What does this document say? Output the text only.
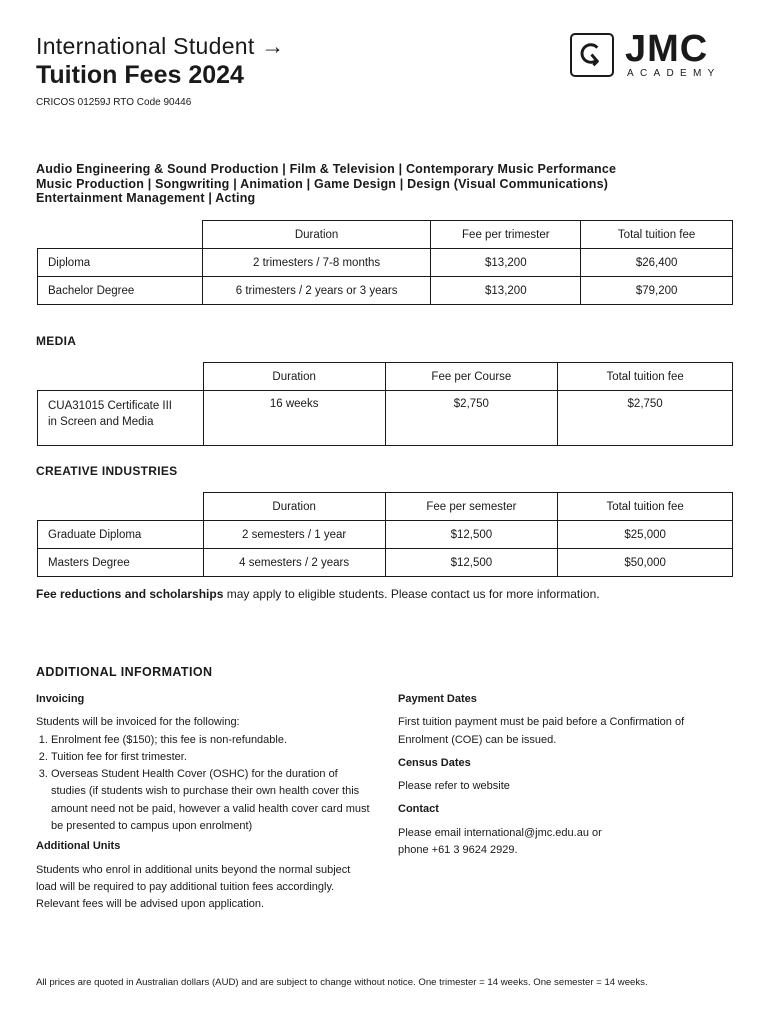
International Student →
Tuition Fees 2024
CRICOS 01259J RTO Code 90446
JMC
ACADEMY
Audio Engineering & Sound Production | Film & Television | Contemporary Music Performance
Music Production | Songwriting | Animation | Game Design | Design (Visual Communications)
Entertainment Management | Acting
	Duration	Fee per trimester	Total tuition fee
Diploma	2 trimesters / 7-8 months	$13,200	$26,400
Bachelor Degree	6 trimesters / 2 years or 3 years	$13,200	$79,200
MEDIA
	Duration	Fee per Course	Total tuition fee

CUA31015 Certificate III
in Screen and Media	16 weeks	$2,750	$2,750
CREATIVE INDUSTRIES
	Duration	Fee per semester	Total tuition fee
Graduate Diploma	2 semesters / 1 year	$12,500	$25,000
Masters Degree	4 semesters / 2 years	$12,500	$50,000
Fee reductions and scholarships may apply to eligible students. Please contact us for more information.
ADDITIONAL INFORMATION

Invoicing

Students will be invoiced for the following:

1. Enrolment fee ($150); this fee is non-refundable.
2. Tuition fee for first trimester.
3. Overseas Student Health Cover (OSHC) for the duration of studies (if students wish to purchase their own health cover this amount need not be paid, however a valid health cover card must be presented to campus upon enrolment)

Additional Units

Students who enrol in additional units beyond the normal subject load will be required to pay additional tuition fees accordingly. Relevant fees will be advised upon application.

Payment Dates

First tuition payment must be paid before a Confirmation of Enrolment (COE) can be issued.

Census Dates

Please refer to website

Contact

Please email international@jmc.edu.au or

phone +61 3 9624 2929.

All prices are quoted in Australian dollars (AUD) and are subject to change without notice. One trimester = 14 weeks. One semester = 14 weeks.
